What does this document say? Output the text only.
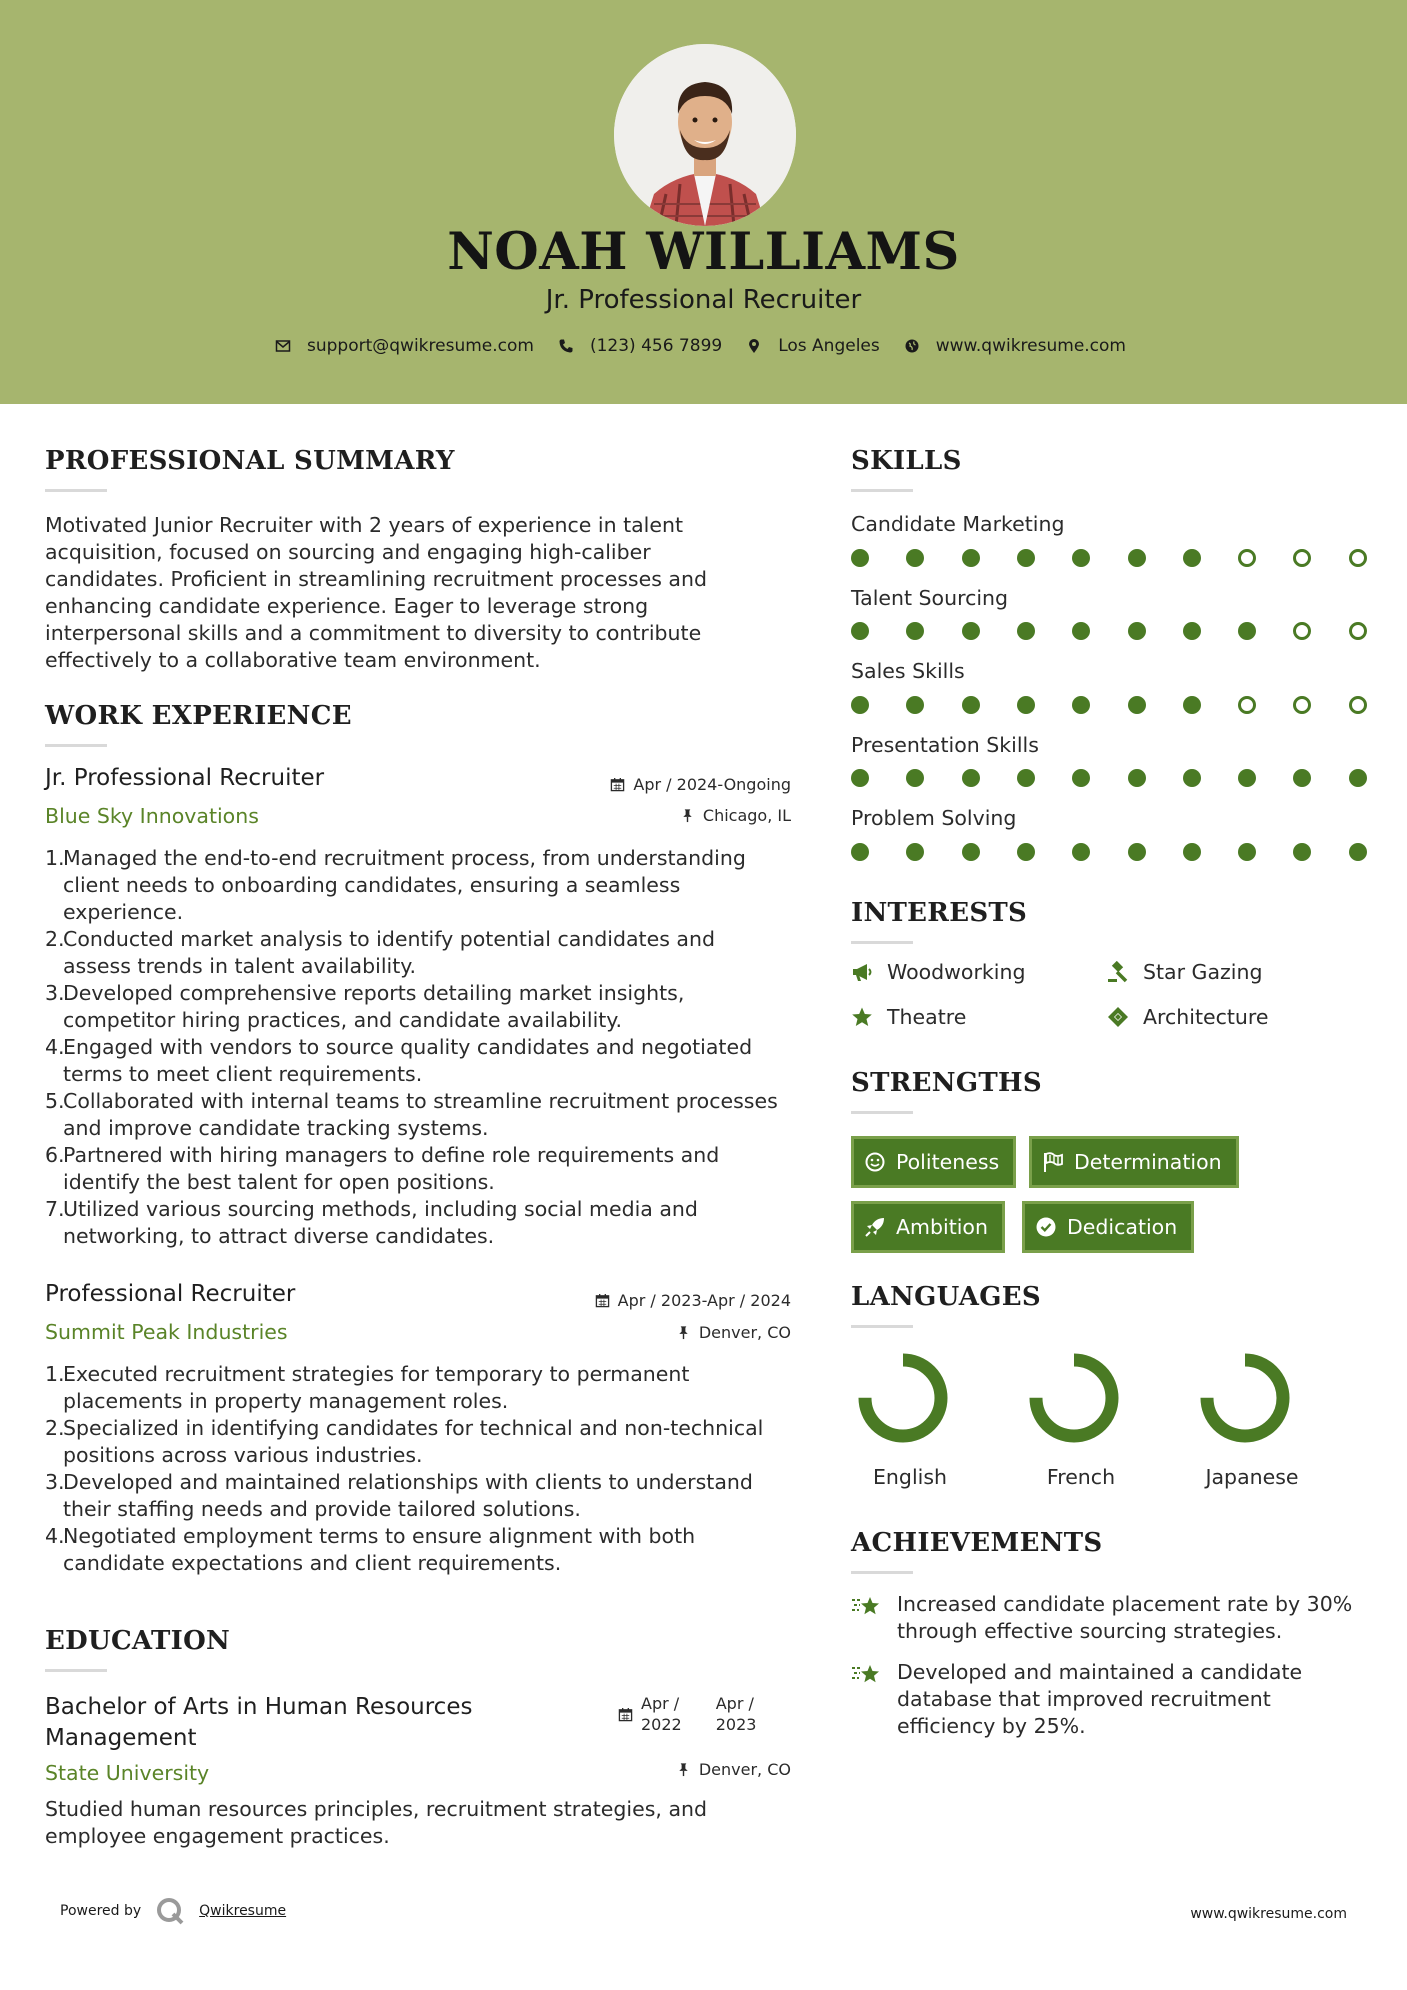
NOAH WILLIAMS
Jr. Professional Recruiter
support@qwikresume.com	(123) 456 7899	Los Angeles	www.qwikresume.com
PROFESSIONAL SUMMARY
Motivated Junior Recruiter with 2 years of experience in talent
acquisition, focused on sourcing and engaging high-caliber
candidates. Proficient in streamlining recruitment processes and
enhancing candidate experience. Eager to leverage strong
interpersonal skills and a commitment to diversity to contribute
effectively to a collaborative team environment.
WORK EXPERIENCE
Jr. Professional Recruiter
Blue Sky Innovations
Apr / 2024-Ongoing
Chicago, IL
1.
Managed the end-to-end recruitment process, from understanding
client needs to onboarding candidates, ensuring a seamless
experience.
2.
Conducted market analysis to identify potential candidates and
assess trends in talent availability.
3.
Developed comprehensive reports detailing market insights,
competitor hiring practices, and candidate availability.
4.
Engaged with vendors to source quality candidates and negotiated
terms to meet client requirements.
5.
Collaborated with internal teams to streamline recruitment processes
and improve candidate tracking systems.
6.
Partnered with hiring managers to define role requirements and
identify the best talent for open positions.
7.
Utilized various sourcing methods, including social media and
networking, to attract diverse candidates.
Professional Recruiter
Summit Peak Industries
Apr / 2023-Apr / 2024
Denver, CO
1.
Executed recruitment strategies for temporary to permanent
placements in property management roles.
2.
Specialized in identifying candidates for technical and non-technical
positions across various industries.
3.
Developed and maintained relationships with clients to understand
their staffing needs and provide tailored solutions.
4.
Negotiated employment terms to ensure alignment with both
candidate expectations and client requirements.
EDUCATION
Bachelor of Arts in Human Resources
Management
State University
Apr /
2022
Apr /
2023
Denver, CO
Studied human resources principles, recruitment strategies, and
employee engagement practices.
SKILLS
Candidate Marketing
Talent Sourcing
Sales Skills
Presentation Skills
Problem Solving
INTERESTS
Woodworking	Star Gazing
Theatre	Architecture
STRENGTHS
Politeness	Determination
Ambition	Dedication
LANGUAGES
English	French	Japanese
ACHIEVEMENTS
Increased candidate placement rate by 30%
through effective sourcing strategies.
Developed and maintained a candidate
database that improved recruitment
efficiency by 25%.
Powered by	Qwikresume	www.qwikresume.com
